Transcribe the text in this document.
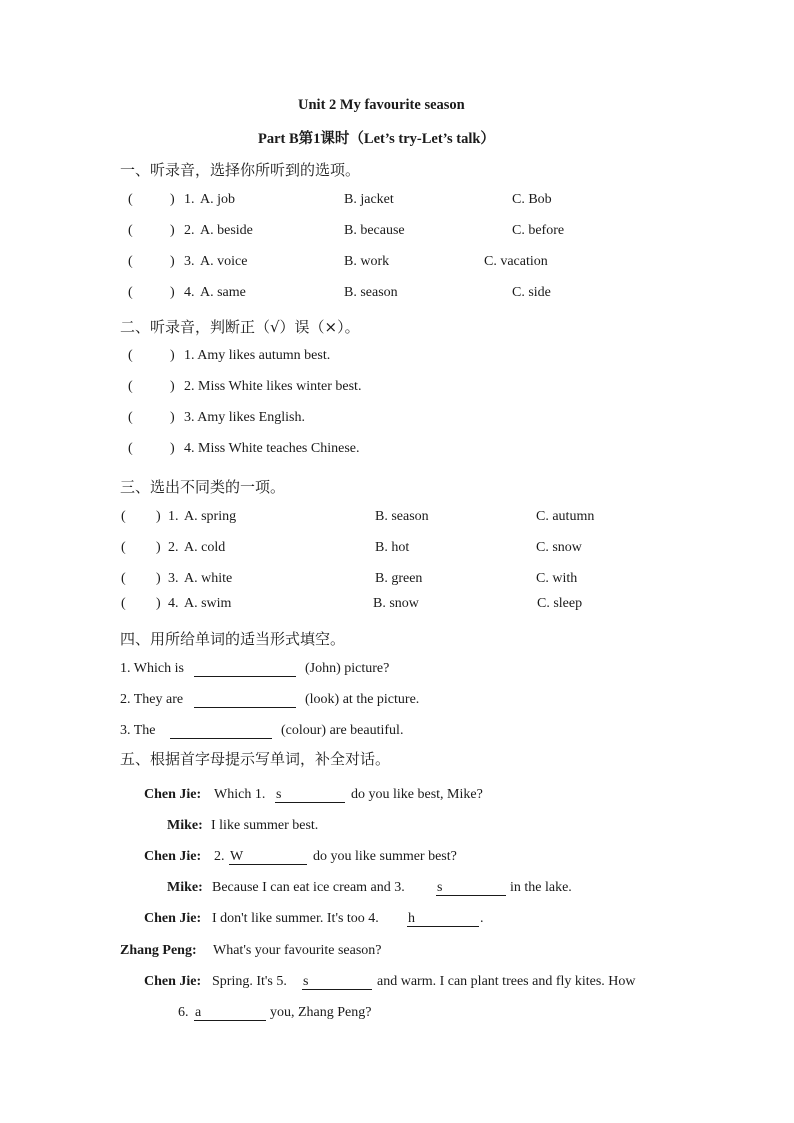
Unit 2 My favourite season
Part B第1课时（Let’s try-Let’s talk）
一、听录音，选择你所听到的选项。
(	) 1. A. job	B. jacket	C. Bob
(	) 2. A. beside	B. because	C. before
(	) 3. A. voice	B. work	C. vacation
(	) 4. A. same	B. season	C. side
二、听录音，判断正（√）误（×）。
(	) 1. Amy likes autumn best.
(	) 2. Miss White likes winter best.
(	) 3. Amy likes English.
(	) 4. Miss White teaches Chinese.
三、选出不同类的一项。
( ) 1. A. spring	B. season	C. autumn
( ) 2. A. cold	B. hot	C. snow
( ) 3. A. white	B. green	C. with
( ) 4. A. swim	B. snow	C. sleep
四、用所给单词的适当形式填空。
1. Which is	(John) picture?
2. They are	(look) at the picture.
3. The	(colour) are beautiful.
五、根据首字母提示写单词，补全对话。
Chen Jie: Which 1. s	do you like best, Mike?
Mike: I like summer best.
Chen Jie: 2. W	do you like summer best?
Mike: Because I can eat ice cream and 3. s	in the lake.
Chen Jie: I don't like summer. It's too 4. h	.
Zhang Peng: What's your favourite season?
Chen Jie: Spring. It's 5. s	and warm. I can plant trees and fly kites. How
6. a	you, Zhang Peng?
